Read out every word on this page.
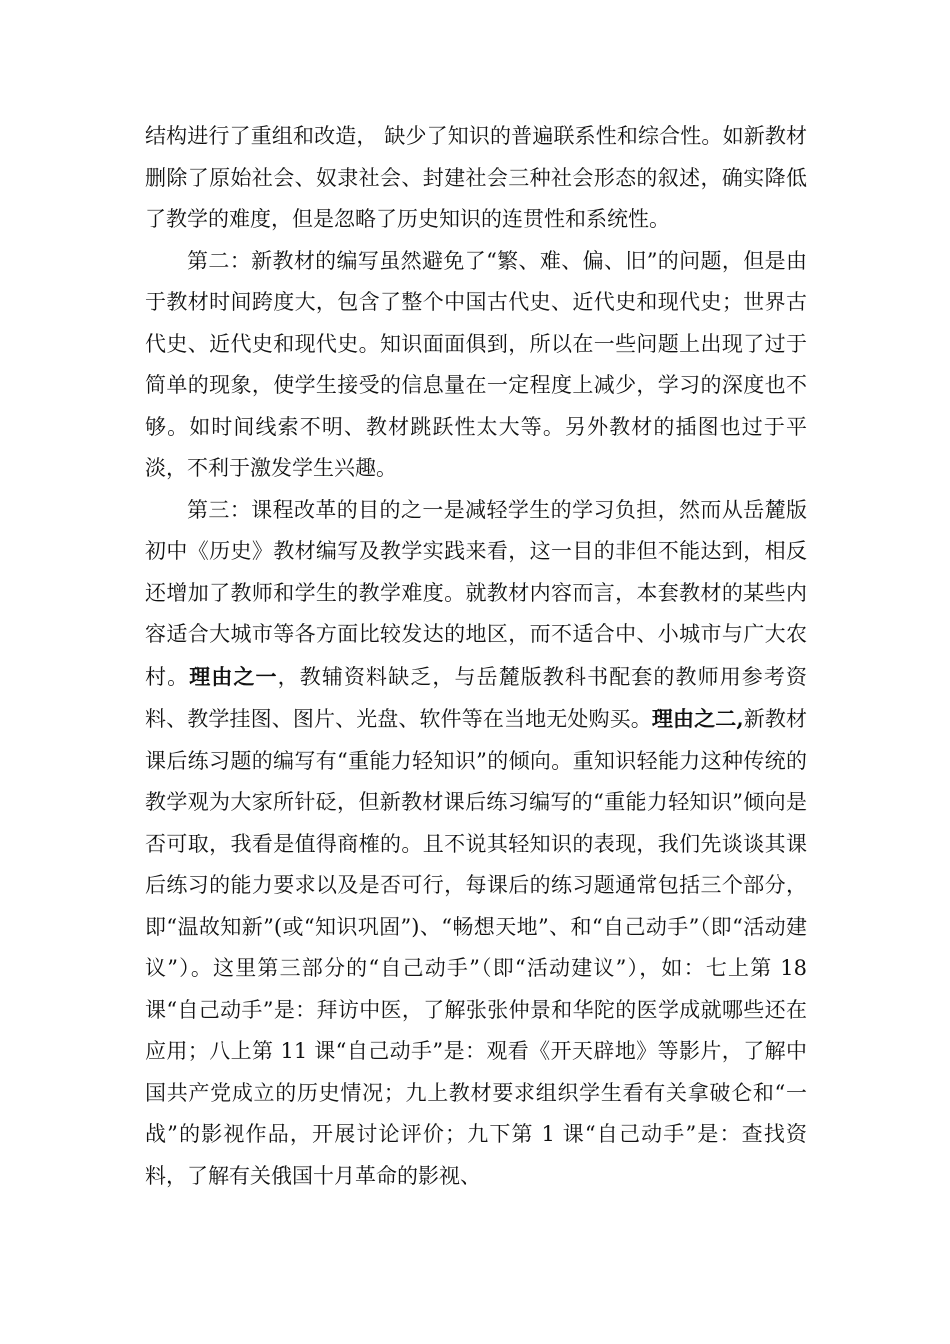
结构进行了重组和改造， 缺少了知识的普遍联系性和综合性。如新教材删除了原始社会、奴隶社会、封建社会三种社会形态的叙述，确实降低了教学的难度，但是忽略了历史知识的连贯性和系统性。

第二：新教材的编写虽然避免了“繁、难、偏、旧”的问题，但是由于教材时间跨度大，包含了整个中国古代史、近代史和现代史；世界古代史、近代史和现代史。知识面面俱到，所以在一些问题上出现了过于简单的现象，使学生接受的信息量在一定程度上减少，学习的深度也不够。如时间线索不明、教材跳跃性太大等。另外教材的插图也过于平淡，不利于激发学生兴趣。

第三：课程改革的目的之一是减轻学生的学习负担，然而从岳麓版初中《历史》教材编写及教学实践来看，这一目的非但不能达到，相反还增加了教师和学生的教学难度。就教材内容而言，本套教材的某些内容适合大城市等各方面比较发达的地区，而不适合中、小城市与广大农村。理由之一，教辅资料缺乏，与岳麓版教科书配套的教师用参考资料、教学挂图、图片、光盘、软件等在当地无处购买。理由之二,新教材课后练习题的编写有“重能力轻知识”的倾向。重知识轻能力这种传统的教学观为大家所针砭，但新教材课后练习编写的“重能力轻知识”倾向是否可取，我看是值得商榷的。且不说其轻知识的表现，我们先谈谈其课后练习的能力要求以及是否可行，每课后的练习题通常包括三个部分，即“温故知新”(或“知识巩固”)、“畅想天地”、和“自己动手”（即“活动建议”）。这里第三部分的“自己动手”（即“活动建议”），如：七上第 18 课“自己动手”是：拜访中医，了解张张仲景和华陀的医学成就哪些还在应用；八上第 11 课“自己动手”是：观看《开天辟地》等影片，了解中国共产党成立的历史情况；九上教材要求组织学生看有关拿破仑和“一战”的影视作品，开展讨论评价；九下第 1 课“自己动手”是：查找资料，了解有关俄国十月革命的影视、
